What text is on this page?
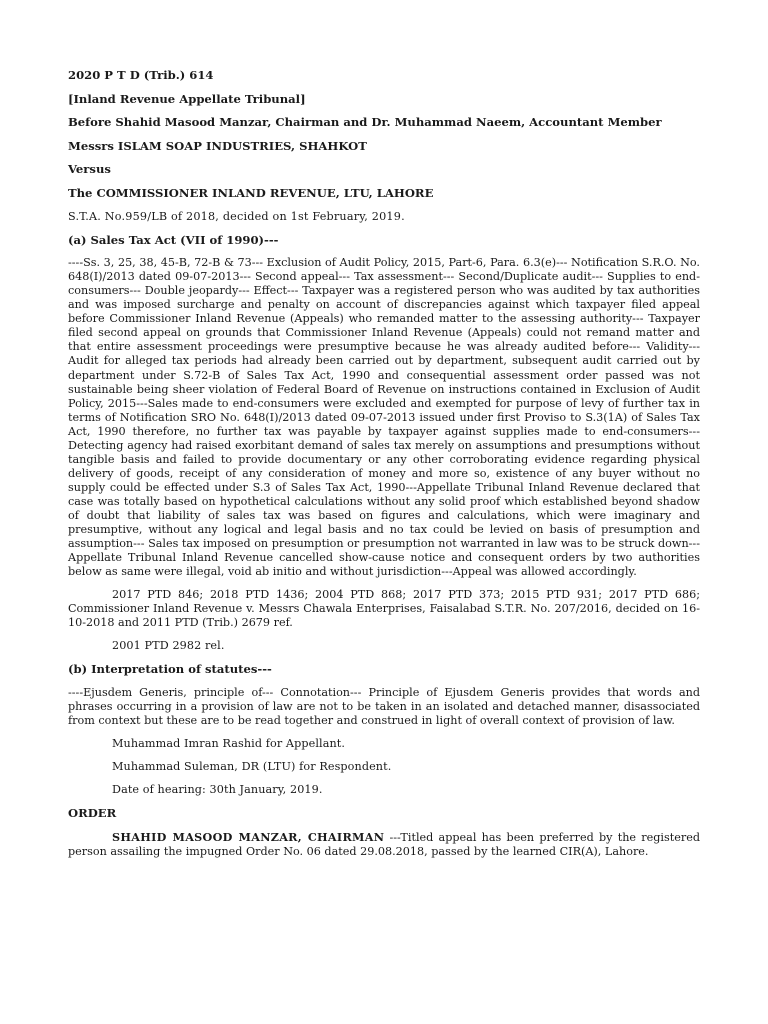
2020 P T D (Trib.) 614
[Inland Revenue Appellate Tribunal]
Before Shahid Masood Manzar, Chairman and Dr. Muhammad Naeem, Accountant Member
Messrs ISLAM SOAP INDUSTRIES, SHAHKOT
Versus
The COMMISSIONER INLAND REVENUE, LTU, LAHORE
S.T.A. No.959/LB of 2018, decided on 1st February, 2019.
(a) Sales Tax Act (VII of 1990)---
----Ss. 3, 25, 38, 45-B, 72-B & 73--- Exclusion of Audit Policy, 2015, Part-6, Para. 6.3(e)--- Notification S.R.O. No. 648(I)/2013 dated 09-07-2013--- Second appeal--- Tax assessment--- Second/Duplicate audit--- Supplies to end-consumers--- Double jeopardy--- Effect--- Taxpayer was a registered person who was audited by tax authorities and was imposed surcharge and penalty on account of discrepancies against which taxpayer filed appeal before Commissioner Inland Revenue (Appeals) who remanded matter to the assessing authority--- Taxpayer filed second appeal on grounds that Commissioner Inland Revenue (Appeals) could not remand matter and that entire assessment proceedings were presumptive because he was already audited before--- Validity--- Audit for alleged tax periods had already been carried out by department, subsequent audit carried out by department under S.72-B of Sales Tax Act, 1990 and consequential assessment order passed was not sustainable being sheer violation of Federal Board of Revenue on instructions contained in Exclusion of Audit Policy, 2015---Sales made to end-consumers were excluded and exempted for purpose of levy of further tax in terms of Notification SRO No. 648(I)/2013 dated 09-07-2013 issued under first Proviso to S.3(1A) of Sales Tax Act, 1990 therefore, no further tax was payable by taxpayer against supplies made to end-consumers---Detecting agency had raised exorbitant demand of sales tax merely on assumptions and presumptions without tangible basis and failed to provide documentary or any other corroborating evidence regarding physical delivery of goods, receipt of any consideration of money and more so, existence of any buyer without no supply could be effected under S.3 of Sales Tax Act, 1990---Appellate Tribunal Inland Revenue declared that case was totally based on hypothetical calculations without any solid proof which established beyond shadow of doubt that liability of sales tax was based on figures and calculations, which were imaginary and presumptive, without any logical and legal basis and no tax could be levied on basis of presumption and assumption--- Sales tax imposed on presumption or presumption not warranted in law was to be struck down--- Appellate Tribunal Inland Revenue cancelled show-cause notice and consequent orders by two authorities below as same were illegal, void ab initio and without jurisdiction---Appeal was allowed accordingly.
2017 PTD 846; 2018 PTD 1436; 2004 PTD 868; 2017 PTD 373; 2015 PTD 931; 2017 PTD 686; Commissioner Inland Revenue v. Messrs Chawala Enterprises, Faisalabad S.T.R. No. 207/2016, decided on 16-10-2018 and 2011 PTD (Trib.) 2679 ref.
2001 PTD 2982 rel.
(b) Interpretation of statutes---
----Ejusdem Generis, principle of--- Connotation--- Principle of Ejusdem Generis provides that words and phrases occurring in a provision of law are not to be taken in an isolated and detached manner, disassociated from context but these are to be read together and construed in light of overall context of provision of law.
Muhammad Imran Rashid for Appellant.
Muhammad Suleman, DR (LTU) for Respondent.
Date of hearing: 30th January, 2019.
ORDER
SHAHID MASOOD MANZAR, CHAIRMAN ---Titled appeal has been preferred by the registered person assailing the impugned Order No. 06 dated 29.08.2018, passed by the learned CIR(A), Lahore.
